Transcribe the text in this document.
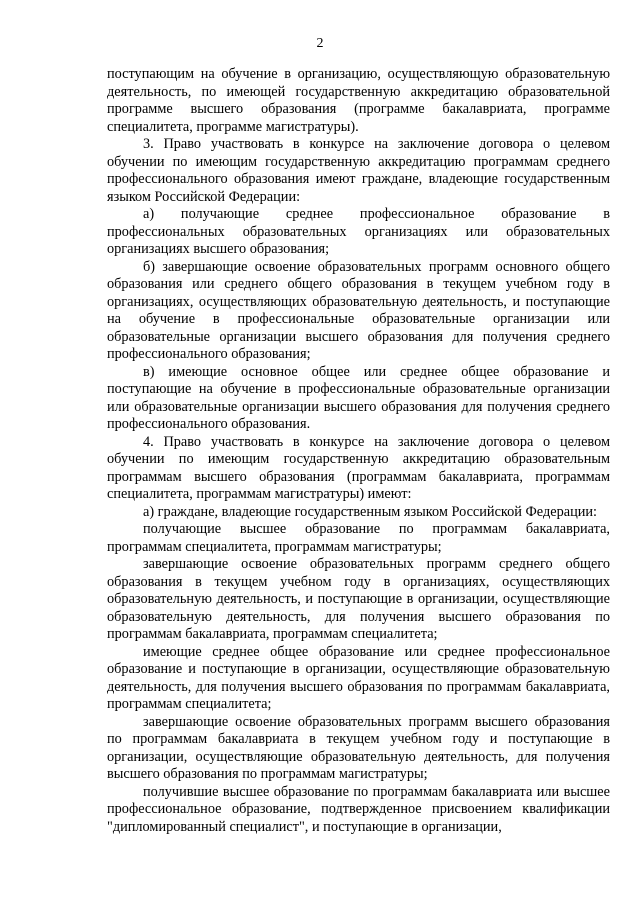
2

поступающим на обучение в организацию, осуществляющую образовательную деятельность, по имеющей государственную аккредитацию образовательной программе высшего образования (программе бакалавриата, программе специалитета, программе магистратуры).

3. Право участвовать в конкурсе на заключение договора о целевом обучении по имеющим государственную аккредитацию программам среднего профессионального образования имеют граждане, владеющие государственным языком Российской Федерации:

а) получающие среднее профессиональное образование в профессиональных образовательных организациях или образовательных организациях высшего образования;

б) завершающие освоение образовательных программ основного общего образования или среднего общего образования в текущем учебном году в организациях, осуществляющих образовательную деятельность, и поступающие на обучение в профессиональные образовательные организации или образовательные организации высшего образования для получения среднего профессионального образования;

в) имеющие основное общее или среднее общее образование и поступающие на обучение в профессиональные образовательные организации или образовательные организации высшего образования для получения среднего профессионального образования.

4. Право участвовать в конкурсе на заключение договора о целевом обучении по имеющим государственную аккредитацию образовательным программам высшего образования (программам бакалавриата, программам специалитета, программам магистратуры) имеют:

а) граждане, владеющие государственным языком Российской Федерации:

получающие высшее образование по программам бакалавриата, программам специалитета, программам магистратуры;

завершающие освоение образовательных программ среднего общего образования в текущем учебном году в организациях, осуществляющих образовательную деятельность, и поступающие в организации, осуществляющие образовательную деятельность, для получения высшего образования по программам бакалавриата, программам специалитета;

имеющие среднее общее образование или среднее профессиональное образование и поступающие в организации, осуществляющие образовательную деятельность, для получения высшего образования по программам бакалавриата, программам специалитета;

завершающие освоение образовательных программ высшего образования по программам бакалавриата в текущем учебном году и поступающие в организации, осуществляющие образовательную деятельность, для получения высшего образования по программам магистратуры;

получившие высшее образование по программам бакалавриата или высшее профессиональное образование, подтвержденное присвоением квалификации "дипломированный специалист", и поступающие в организации,
